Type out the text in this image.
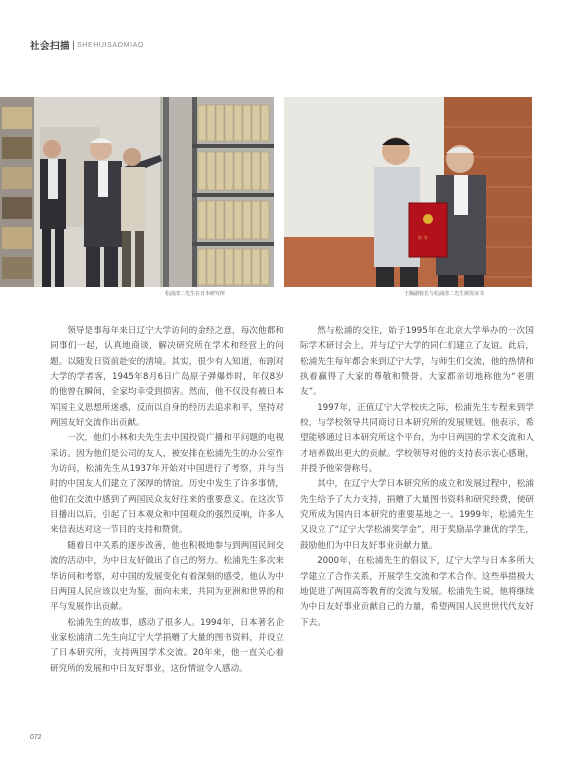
社会扫描 SHEHUISAOMIAO
证 书
松浦清二先生在日本研究所	王佩副校长与松浦清二先生颁发证书

领导是事每年来日辽宁大学访问的金经之意，每次他都和同事们一起，认真地商谈，解决研究所在学术和经营上的问题。以随发日资前赴安的清境。其实，很少有人知道，布剧对大学的学者客，1945年8月6日广岛原子弹爆炸时，年仅8岁的他曾在瞬间，全家均幸受到损害。然而，他不仅没有被日本军国主义思想所迷惑，反而以自身的经历去追求和平，坚持对两国友好交流作出贡献。

一次，他们小林和夫先生去中国投资广播和平问题的电视采访。因为他们是公司的友人，被安排在松浦先生的办公室作为访问，松浦先生从1937年开始对中国进行了考察，并与当时的中国友人们建立了深厚的情谊。历史中发生了许多事情，他们在交流中感到了两国民众友好往来的重要意义。在这次节目播出以后，引起了日本观众和中国观众的强烈反响，许多人来信表达对这一节目的支持和赞赏。

随着日中关系的逐步改善，他也积极地参与到两国民间交流的活动中，为中日友好做出了自己的努力。松浦先生多次来华访问和考察，对中国的发展变化有着深刻的感受，他认为中日两国人民应该以史为鉴，面向未来，共同为亚洲和世界的和平与发展作出贡献。

松浦先生的故事，感动了很多人。1994年，日本著名企业家松浦清二先生向辽宁大学捐赠了大量的图书资料，并设立了日本研究所，支持两国学术交流。20年来，他一直关心着研究所的发展和中日友好事业，这份情谊令人感动。

然与松浦的交往，始于1995年在北京大学举办的一次国际学术研讨会上，并与辽宁大学的同仁们建立了友谊。此后，松浦先生每年都会来到辽宁大学，与师生们交流，他的热情和执着赢得了大家的尊敬和赞誉。大家都亲切地称他为“老朋友”。

1997年，正值辽宁大学校庆之际，松浦先生专程来到学校，与学校领导共同商讨日本研究所的发展规划。他表示，希望能够通过日本研究所这个平台，为中日两国的学术交流和人才培养做出更大的贡献。学校领导对他的支持表示衷心感谢，并授予他荣誉称号。

其中，在辽宁大学日本研究所的成立和发展过程中，松浦先生给予了大力支持，捐赠了大量图书资料和研究经费，使研究所成为国内日本研究的重要基地之一。1999年，松浦先生又设立了“辽宁大学松浦奖学金”，用于奖励品学兼优的学生，鼓励他们为中日友好事业贡献力量。

2000年，在松浦先生的倡议下，辽宁大学与日本多所大学建立了合作关系，开展学生交流和学术合作。这些举措极大地促进了两国高等教育的交流与发展。松浦先生说，他将继续为中日友好事业贡献自己的力量，希望两国人民世世代代友好下去。

072
